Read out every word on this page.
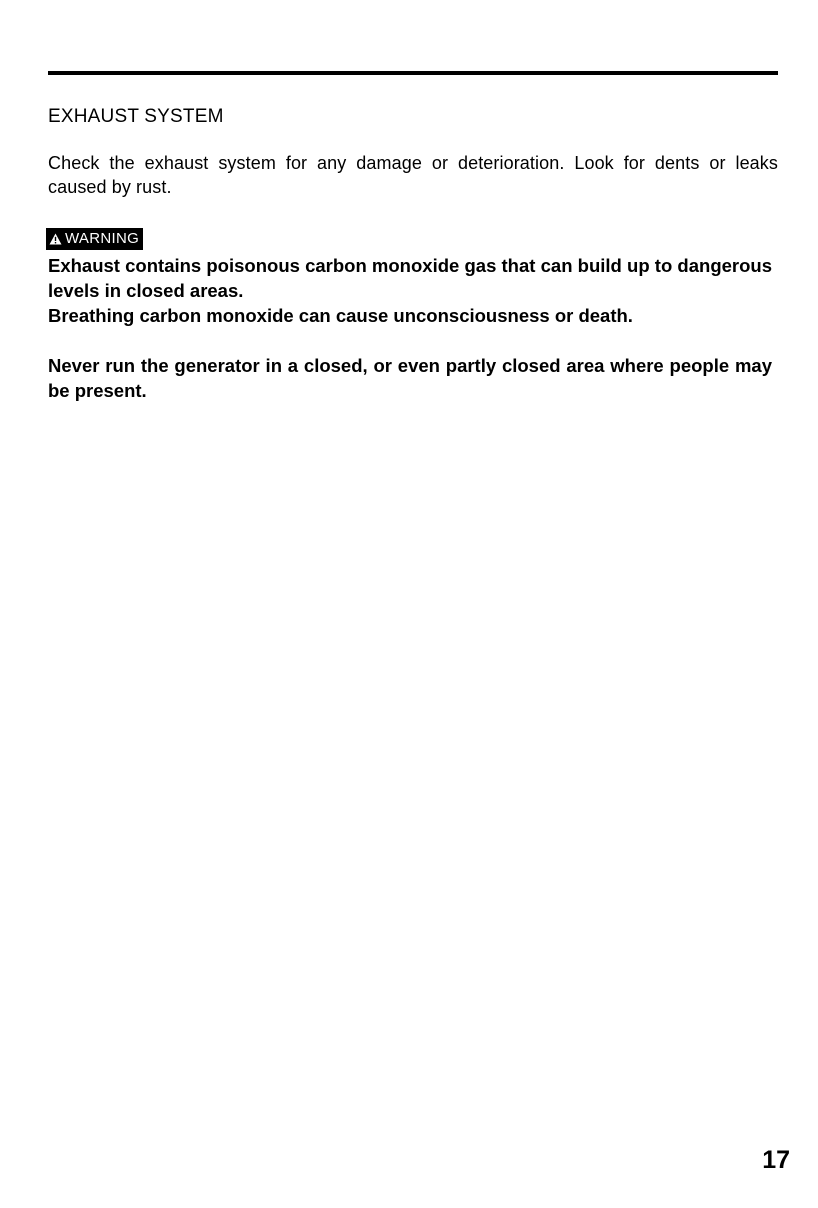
EXHAUST SYSTEM

Check the exhaust system for any damage or deterioration. Look for dents or leaks caused by rust.

WARNING

Exhaust contains poisonous carbon monoxide gas that can build up to dangerous levels in closed areas.

Breathing carbon monoxide can cause unconsciousness or death.

Never run the generator in a closed, or even partly closed area where people may be present.

17
